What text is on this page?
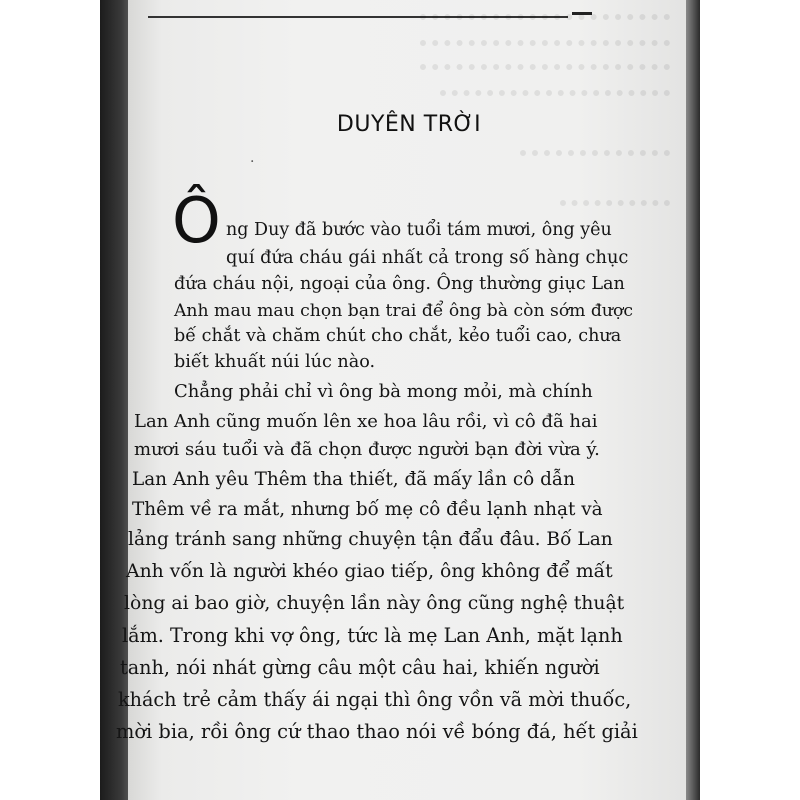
DUYÊN TRỜI
·
Ô ng Duy đã bước vào tuổi tám mươi, ông yêu
quí đứa cháu gái nhất cả trong số hàng chục
đứa cháu nội, ngoại của ông. Ông thường giục Lan
Anh mau mau chọn bạn trai để ông bà còn sớm được
bế chắt và chăm chút cho chắt, kẻo tuổi cao, chưa
biết khuất núi lúc nào.
Chẳng phải chỉ vì ông bà mong mỏi, mà chính
Lan Anh cũng muốn lên xe hoa lâu rồi, vì cô đã hai
mươi sáu tuổi và đã chọn được người bạn đời vừa ý.
Lan Anh yêu Thêm tha thiết, đã mấy lần cô dẫn
Thêm về ra mắt, nhưng bố mẹ cô đều lạnh nhạt và
lảng tránh sang những chuyện tận đẩu đâu. Bố Lan
Anh vốn là người khéo giao tiếp, ông không để mất
lòng ai bao giờ, chuyện lần này ông cũng nghệ thuật
lắm. Trong khi vợ ông, tức là mẹ Lan Anh, mặt lạnh
tanh, nói nhát gừng câu một câu hai, khiến người
khách trẻ cảm thấy ái ngại thì ông vồn vã mời thuốc,
mời bia, rồi ông cứ thao thao nói về bóng đá, hết giải
